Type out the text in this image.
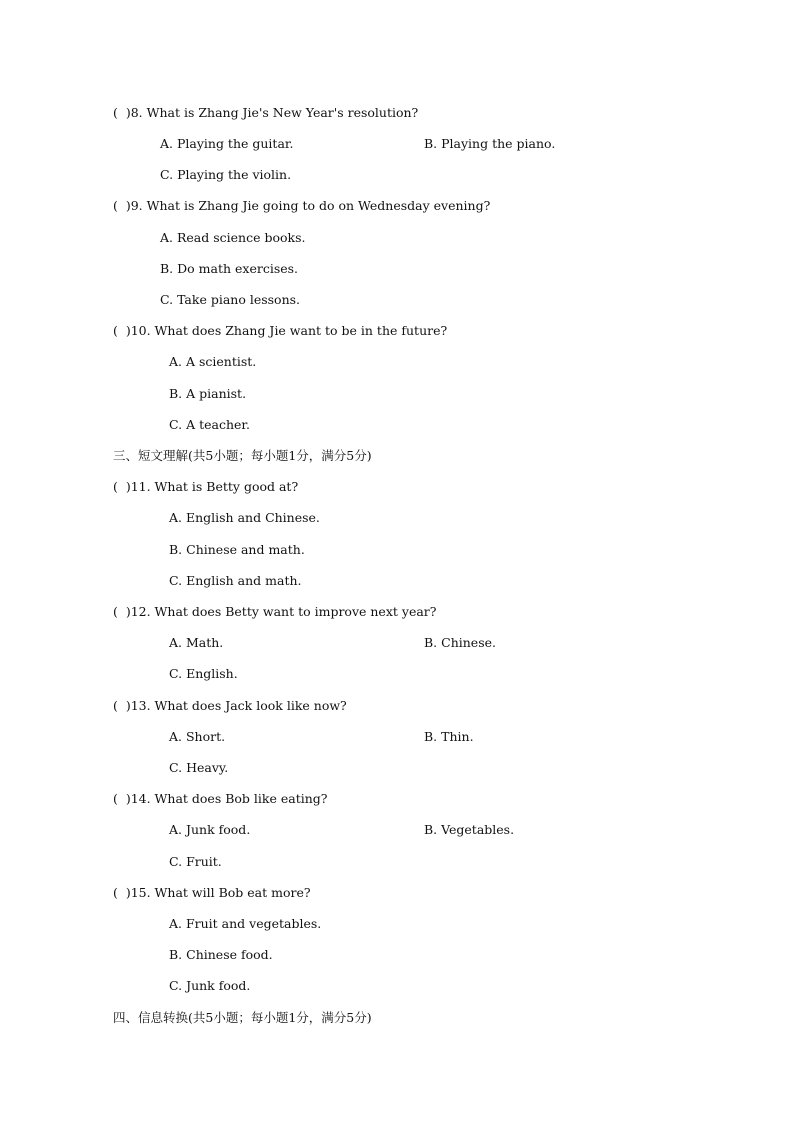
(  )8. What is Zhang Jie's New Year's resolution?
A. Playing the guitar.	B. Playing the piano.
C. Playing the violin.
(  )9. What is Zhang Jie going to do on Wednesday evening?
A. Read science books.
B. Do math exercises.
C. Take piano lessons.
(  )10. What does Zhang Jie want to be in the future?
A. A scientist.
B. A pianist.
C. A teacher.
三、短文理解(共5小题；每小题1分，满分5分)
(  )11. What is Betty good at?
A. English and Chinese.
B. Chinese and math.
C. English and math.
(  )12. What does Betty want to improve next year?
A. Math.	B. Chinese.
C. English.
(  )13. What does Jack look like now?
A. Short.	B. Thin.
C. Heavy.
(  )14. What does Bob like eating?
A. Junk food.	B. Vegetables.
C. Fruit.
(  )15. What will Bob eat more?
A. Fruit and vegetables.
B. Chinese food.
C. Junk food.
四、信息转换(共5小题；每小题1分，满分5分)
